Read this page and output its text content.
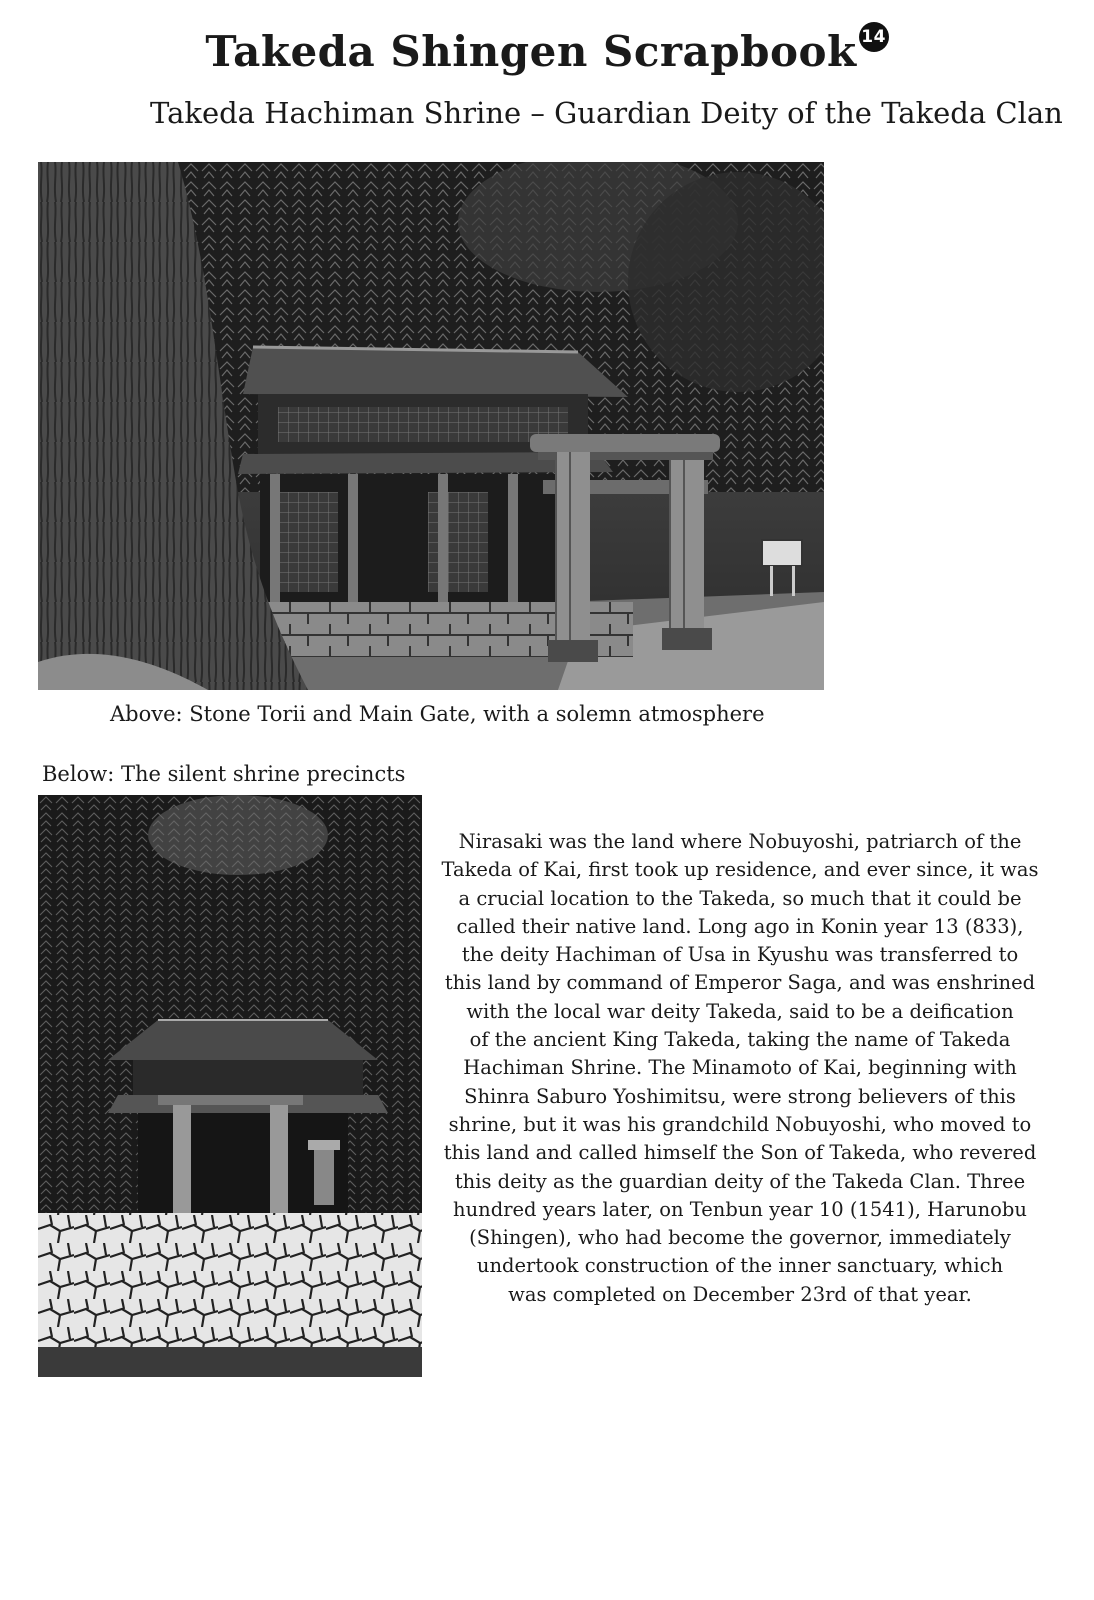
Takeda Shingen Scrapbook 14
Takeda Hachiman Shrine – Guardian Deity of the Takeda Clan
Above: Stone Torii and Main Gate, with a solemn atmosphere
Below: The silent shrine precincts
Nirasaki was the land where Nobuyoshi, patriarch of the
Takeda of Kai, first took up residence, and ever since, it was
a crucial location to the Takeda, so much that it could be
called their native land. Long ago in Konin year 13 (833),
the deity Hachiman of Usa in Kyushu was transferred to
this land by command of Emperor Saga, and was enshrined
with the local war deity Takeda, said to be a deification
of the ancient King Takeda, taking the name of Takeda
Hachiman Shrine. The Minamoto of Kai, beginning with
Shinra Saburo Yoshimitsu, were strong believers of this
shrine, but it was his grandchild Nobuyoshi, who moved to
this land and called himself the Son of Takeda, who revered
this deity as the guardian deity of the Takeda Clan. Three
hundred years later, on Tenbun year 10 (1541), Harunobu
(Shingen), who had become the governor, immediately
undertook construction of the inner sanctuary, which
was completed on December 23rd of that year.
